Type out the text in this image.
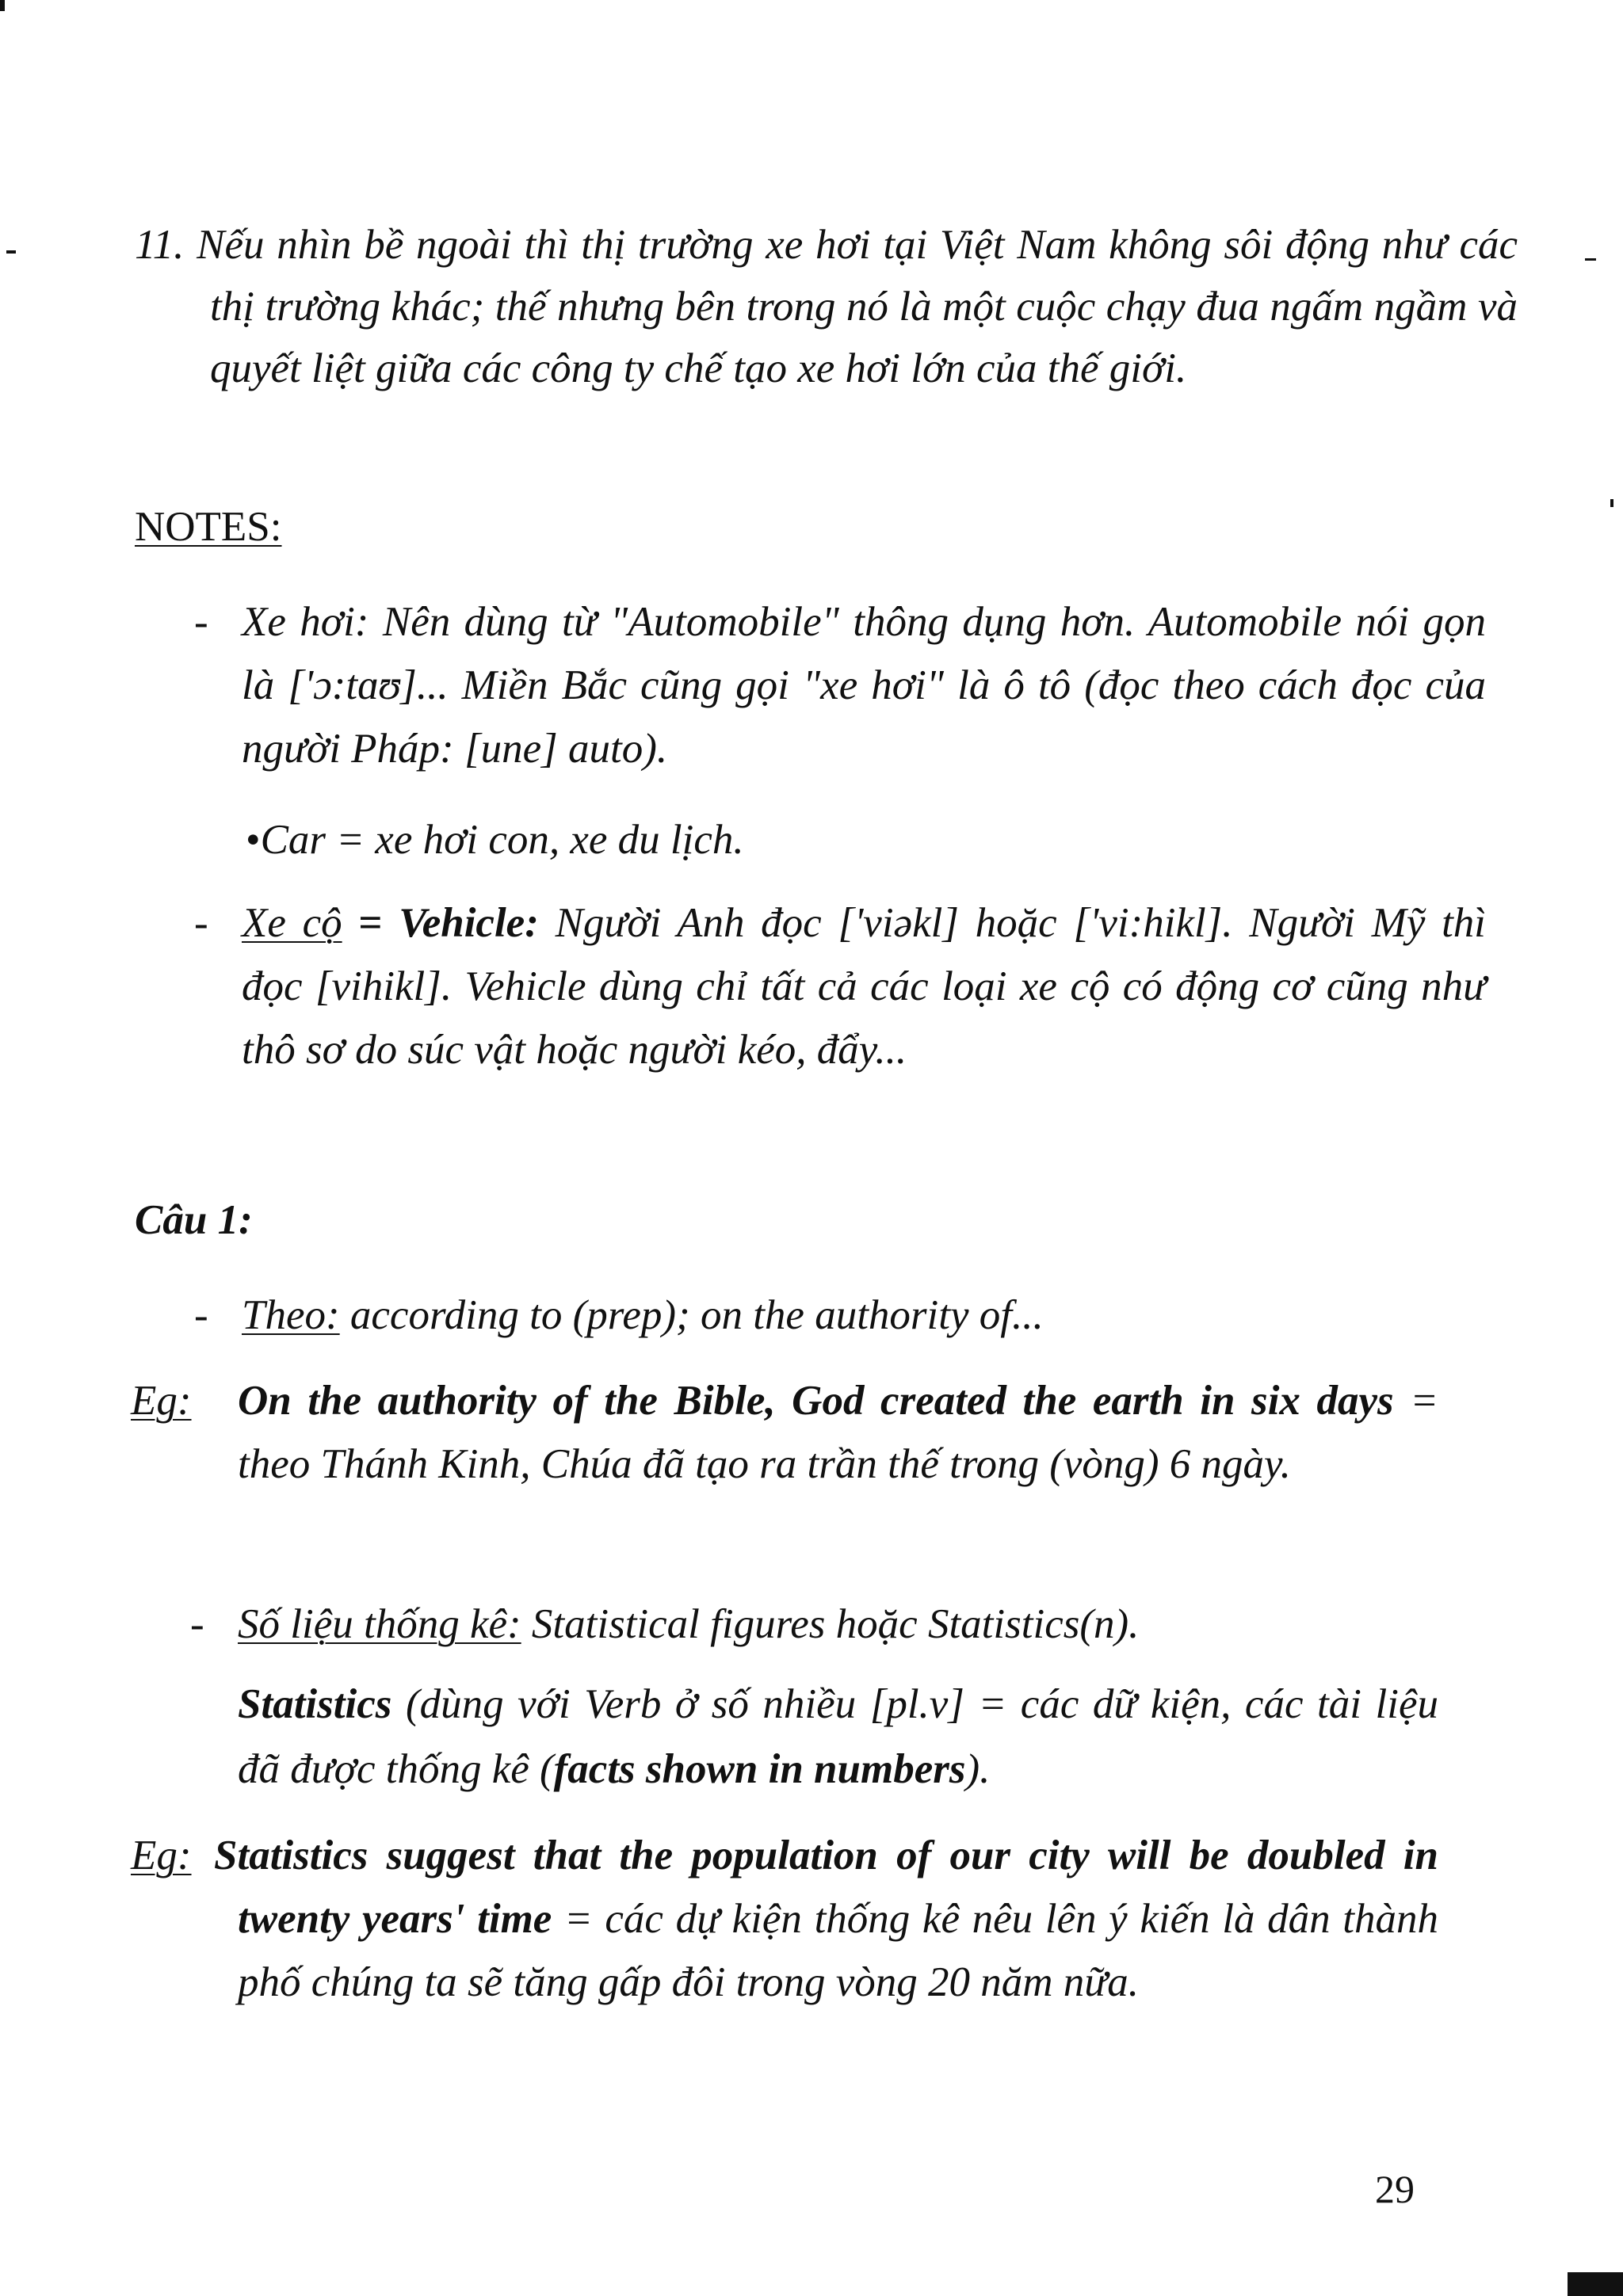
11. Nếu nhìn bề ngoài thì thị trường xe hơi tại Việt Nam không sôi động như các thị trường khác; thế nhưng bên trong nó là một cuộc chạy đua ngấm ngầm và quyết liệt giữa các công ty chế tạo xe hơi lớn của thế giới.
NOTES:
- Xe hơi: Nên dùng từ "Automobile" thông dụng hơn. Automobile nói gọn là ['ɔ:tɑʊ]... Miền Bắc cũng gọi "xe hơi" là ô tô (đọc theo cách đọc của người Pháp: [une] auto).
•Car = xe hơi con, xe du lịch.
- Xe cộ = Vehicle: Người Anh đọc ['viəkl] hoặc ['vi:hikl]. Người Mỹ thì đọc [vihikl]. Vehicle dùng chỉ tất cả các loại xe cộ có động cơ cũng như thô sơ do súc vật hoặc người kéo, đẩy...
Câu 1:
- Theo: according to (prep); on the authority of...
Eg: On the authority of the Bible, God created the earth in six days = theo Thánh Kinh, Chúa đã tạo ra trần thế trong (vòng) 6 ngày.
- Số liệu thống kê: Statistical figures hoặc Statistics(n).
Statistics (dùng với Verb ở số nhiều [pl.v] = các dữ kiện, các tài liệu đã được thống kê (facts shown in numbers).
Eg: Statistics suggest that the population of our city will be doubled in twenty years' time = các dự kiện thống kê nêu lên ý kiến là dân thành phố chúng ta sẽ tăng gấp đôi trong vòng 20 năm nữa.
29
